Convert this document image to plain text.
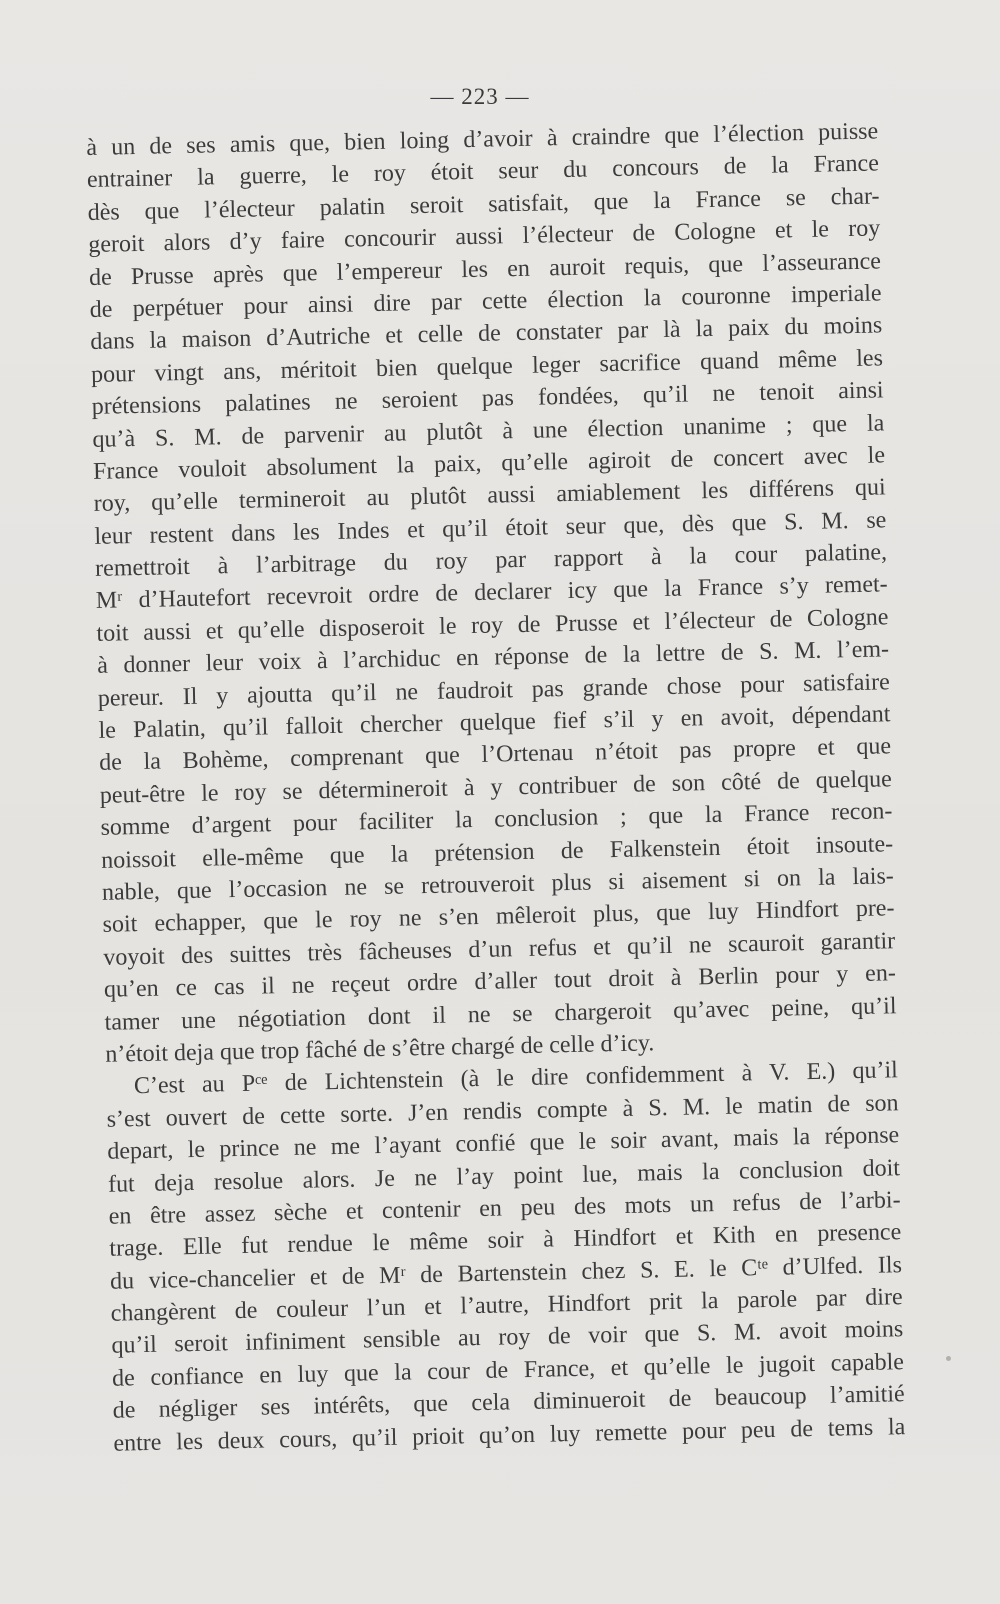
— 223 —
à un de ses amis que, bien loing d’avoir à craindre que l’élection puisse
entrainer la guerre, le roy étoit seur du concours de la France
dès que l’électeur palatin seroit satisfait, que la France se char-
geroit alors d’y faire concourir aussi l’électeur de Cologne et le roy
de Prusse après que l’empereur les en auroit requis, que l’asseurance
de perpétuer pour ainsi dire par cette élection la couronne imperiale
dans la maison d’Autriche et celle de constater par là la paix du moins
pour vingt ans, méritoit bien quelque leger sacrifice quand même les
prétensions palatines ne seroient pas fondées, qu’il ne tenoit ainsi
qu’à S. M. de parvenir au plutôt à une élection unanime ; que la
France vouloit absolument la paix, qu’elle agiroit de concert avec le
roy, qu’elle termineroit au plutôt aussi amiablement les différens qui
leur restent dans les Indes et qu’il étoit seur que, dès que S. M. se
remettroit à l’arbitrage du roy par rapport à la cour palatine,
Mʳ d’Hautefort recevroit ordre de declarer icy que la France s’y remet-
toit aussi et qu’elle disposeroit le roy de Prusse et l’électeur de Cologne
à donner leur voix à l’archiduc en réponse de la lettre de S. M. l’em-
pereur. Il y ajoutta qu’il ne faudroit pas grande chose pour satisfaire
le Palatin, qu’il falloit chercher quelque fief s’il y en avoit, dépendant
de la Bohème, comprenant que l’Ortenau n’étoit pas propre et que
peut-être le roy se détermineroit à y contribuer de son côté de quelque
somme d’argent pour faciliter la conclusion ; que la France recon-
noissoit elle-même que la prétension de Falkenstein étoit insoute-
nable, que l’occasion ne se retrouveroit plus si aisement si on la lais-
soit echapper, que le roy ne s’en mêleroit plus, que luy Hindfort pre-
voyoit des suittes très fâcheuses d’un refus et qu’il ne scauroit garantir
qu’en ce cas il ne reçeut ordre d’aller tout droit à Berlin pour y en-
tamer une négotiation dont il ne se chargeroit qu’avec peine, qu’il
n’étoit deja que trop fâché de s’être chargé de celle d’icy.
C’est au Pᶜᵉ de Lichtenstein (à le dire confidemment à V. E.) qu’il
s’est ouvert de cette sorte. J’en rendis compte à S. M. le matin de son
depart, le prince ne me l’ayant confié que le soir avant, mais la réponse
fut deja resolue alors. Je ne l’ay point lue, mais la conclusion doit
en être assez sèche et contenir en peu des mots un refus de l’arbi-
trage. Elle fut rendue le même soir à Hindfort et Kith en presence
du vice-chancelier et de Mʳ de Bartenstein chez S. E. le Cᵗᵉ d’Ulfed. Ils
changèrent de couleur l’un et l’autre, Hindfort prit la parole par dire
qu’il seroit infiniment sensible au roy de voir que S. M. avoit moins
de confiance en luy que la cour de France, et qu’elle le jugoit capable
de négliger ses intérêts, que cela diminueroit de beaucoup l’amitié
entre les deux cours, qu’il prioit qu’on luy remette pour peu de tems la
